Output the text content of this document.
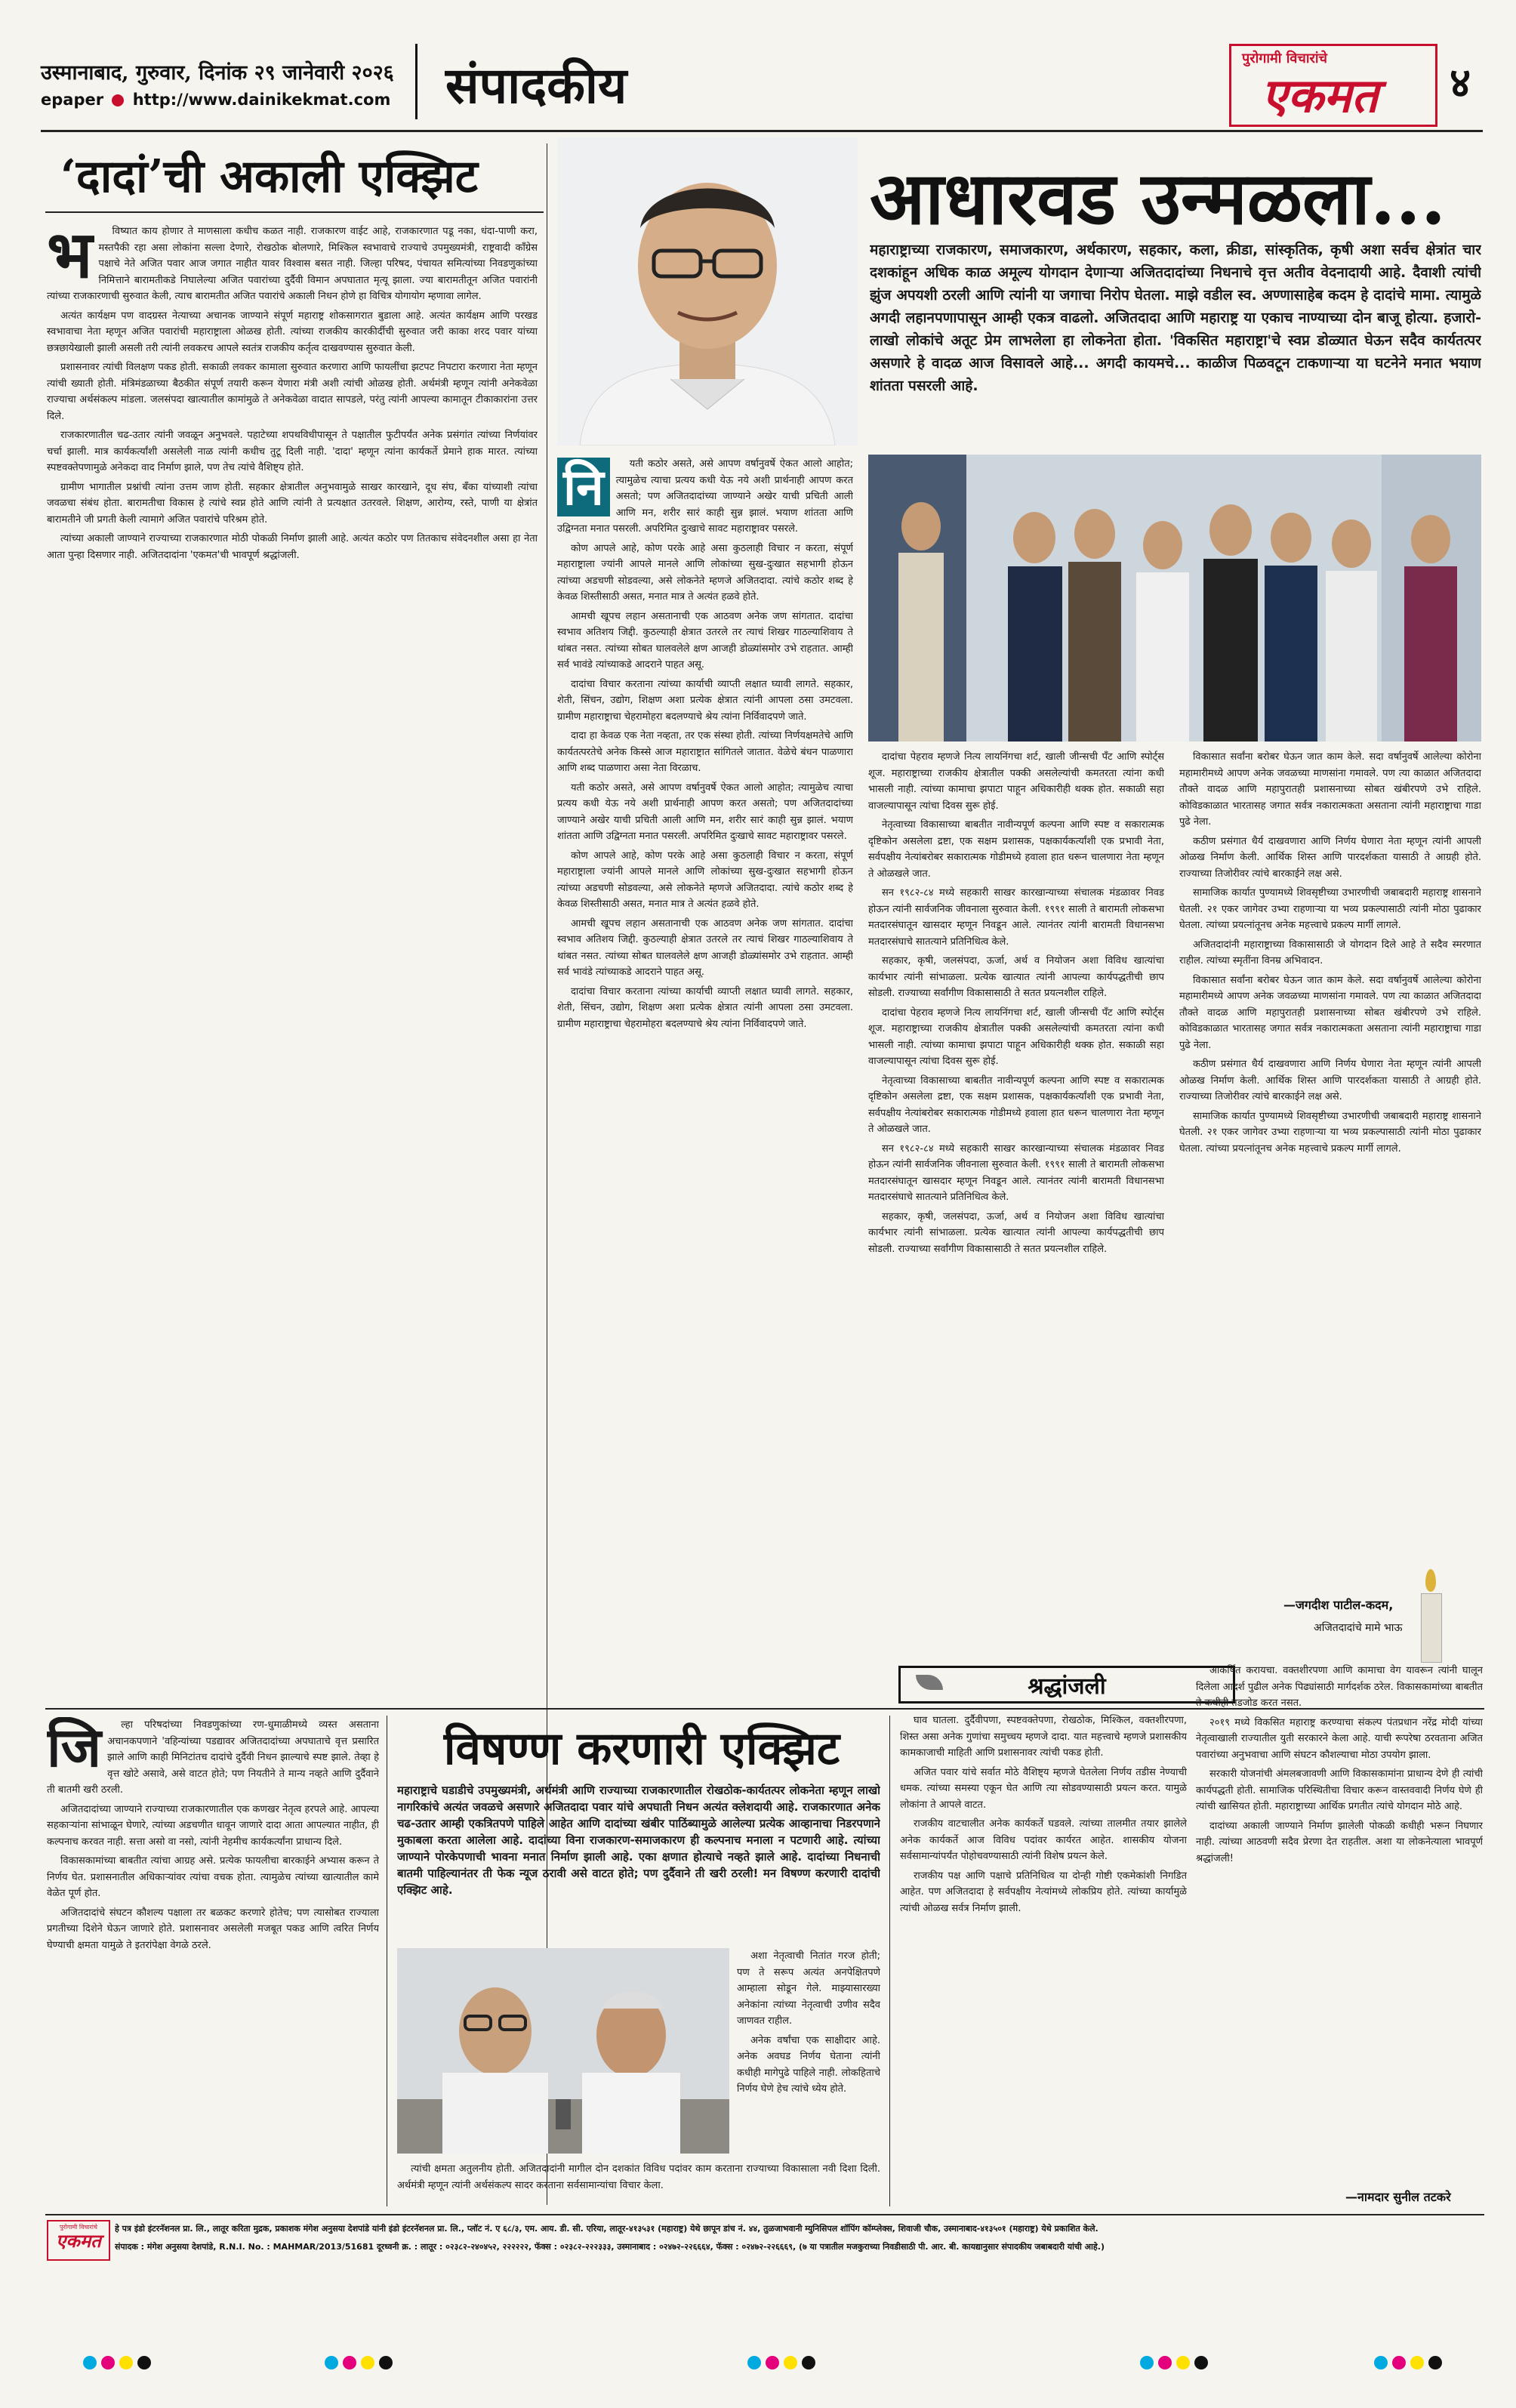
उस्मानाबाद, गुरुवार, दिनांक २९ जानेवारी २०२६
epaper http://www.dainikekmat.com संपादकीय	पुरोगामी विचारांचे
एकमत ४
‘दादां’ची अकाली एक्झिट
भ	विष्यात काय होणार ते माणसाला कधीच कळत नाही. राजकारण वाईट आहे, राजकारणात पडू नका, धंदा-पाणी करा, मस्तपैकी रहा असा लोकांना सल्ला देणारे, रोखठोक बोलणारे, मिश्किल स्वभावाचे राज्याचे उपमुख्यमंत्री, राष्ट्रवादी काँग्रेस पक्षाचे नेते अजित पवार आज जगात नाहीत यावर विश्वास बसत नाही. जिल्हा परिषद, पंचायत समित्यांच्या निवडणुकांच्या निमित्ताने बारामतीकडे निघालेल्या अजित पवारांच्या दुर्दैवी विमान अपघातात मृत्यू झाला. ज्या बारामतीतून अजित पवारांनी त्यांच्या राजकारणाची सुरुवात केली, त्याच बारामतीत अजित पवारांचे अकाली निधन होणे हा विचित्र योगायोग म्हणावा लागेल.

अत्यंत कार्यक्षम पण वादग्रस्त नेत्याच्या अचानक जाण्याने संपूर्ण महाराष्ट्र शोकसागरात बुडाला आहे. अत्यंत कार्यक्षम आणि परखड स्वभावाचा नेता म्हणून अजित पवारांची महाराष्ट्राला ओळख होती. त्यांच्या राजकीय कारकीर्दीची सुरुवात जरी काका शरद पवार यांच्या छत्रछायेखाली झाली असली तरी त्यांनी लवकरच आपले स्वतंत्र राजकीय कर्तृत्व दाखवण्यास सुरुवात केली.

प्रशासनावर त्यांची विलक्षण पकड होती. सकाळी लवकर कामाला सुरुवात करणारा आणि फायलींचा झटपट निपटारा करणारा नेता म्हणून त्यांची ख्याती होती. मंत्रिमंडळाच्या बैठकीत संपूर्ण तयारी करून येणारा मंत्री अशी त्यांची ओळख होती. अर्थमंत्री म्हणून त्यांनी अनेकवेळा राज्याचा अर्थसंकल्प मांडला. जलसंपदा खात्यातील कामांमुळे ते अनेकवेळा वादात सापडले, परंतु त्यांनी आपल्या कामातून टीकाकारांना उत्तर दिले.

राजकारणातील चढ-उतार त्यांनी जवळून अनुभवले. पहाटेच्या शपथविधीपासून ते पक्षातील फुटीपर्यंत अनेक प्रसंगांत त्यांच्या निर्णयांवर चर्चा झाली. मात्र कार्यकर्त्यांशी असलेली नाळ त्यांनी कधीच तुटू दिली नाही. 'दादा' म्हणून त्यांना कार्यकर्ते प्रेमाने हाक मारत. त्यांच्या स्पष्टवक्तेपणामुळे अनेकदा वाद निर्माण झाले, पण तेच त्यांचे वैशिष्ट्य होते.

ग्रामीण भागातील प्रश्नांची त्यांना उत्तम जाण होती. सहकार क्षेत्रातील अनुभवामुळे साखर कारखाने, दूध संघ, बँका यांच्याशी त्यांचा जवळचा संबंध होता. बारामतीचा विकास हे त्यांचे स्वप्न होते आणि त्यांनी ते प्रत्यक्षात उतरवले. शिक्षण, आरोग्य, रस्ते, पाणी या क्षेत्रांत बारामतीने जी प्रगती केली त्यामागे अजित पवारांचे परिश्रम होते.

त्यांच्या अकाली जाण्याने राज्याच्या राजकारणात मोठी पोकळी निर्माण झाली आहे. अत्यंत कठोर पण तितकाच संवेदनशील असा हा नेता आता पुन्हा दिसणार नाही. अजितदादांना 'एकमत'ची भावपूर्ण श्रद्धांजली.

आधारवड उन्मळला...
महाराष्ट्राच्या राजकारण, समाजकारण, अर्थकारण, सहकार, कला, क्रीडा, सांस्कृतिक, कृषी अशा सर्वच क्षेत्रांत चार दशकांहून अधिक काळ अमूल्य योगदान देणाऱ्या अजितदादांच्या निधनाचे वृत्त अतीव वेदनादायी आहे. दैवाशी त्यांची झुंज अपयशी ठरली आणि त्यांनी या जगाचा निरोप घेतला. माझे वडील स्व. अण्णासाहेब कदम हे दादांचे मामा. त्यामुळे अगदी लहानपणापासून आम्ही एकत्र वाढलो. अजितदादा आणि महाराष्ट्र या एकाच नाण्याच्या दोन बाजू होत्या. हजारो-लाखो लोकांचे अतूट प्रेम लाभलेला हा लोकनेता होता. 'विकसित महाराष्ट्रा'चे स्वप्न डोळ्यात घेऊन सदैव कार्यतत्पर असणारे हे वादळ आज विसावले आहे... अगदी कायमचे... काळीज पिळवटून टाकणाऱ्या या घटनेने मनात भयाण शांतता पसरली आहे.
नि	यती कठोर असते, असे आपण वर्षानुवर्षे ऐकत आलो आहोत; त्यामुळेच त्याचा प्रत्यय कधी येऊ नये अशी प्रार्थनाही आपण करत असतो; पण अजितदादांच्या जाण्याने अखेर याची प्रचिती आली आणि मन, शरीर सारं काही सुन्न झालं. भयाण शांतता आणि उद्विग्नता मनात पसरली. अपरिमित दुःखाचे सावट महाराष्ट्रावर पसरले.

कोण आपले आहे, कोण परके आहे असा कुठलाही विचार न करता, संपूर्ण महाराष्ट्राला ज्यांनी आपले मानले आणि लोकांच्या सुख-दुःखात सहभागी होऊन त्यांच्या अडचणी सोडवल्या, असे लोकनेते म्हणजे अजितदादा. त्यांचे कठोर शब्द हे केवळ शिस्तीसाठी असत, मनात मात्र ते अत्यंत हळवे होते.

आमची खूपच लहान असतानाची एक आठवण अनेक जण सांगतात. दादांचा स्वभाव अतिशय जिद्दी. कुठल्याही क्षेत्रात उतरले तर त्याचं शिखर गाठल्याशिवाय ते थांबत नसत. त्यांच्या सोबत घालवलेले क्षण आजही डोळ्यांसमोर उभे राहतात. आम्ही सर्व भावंडे त्यांच्याकडे आदराने पाहत असू.

दादांचा विचार करताना त्यांच्या कार्याची व्याप्ती लक्षात घ्यावी लागते. सहकार, शेती, सिंचन, उद्योग, शिक्षण अशा प्रत्येक क्षेत्रात त्यांनी आपला ठसा उमटवला. ग्रामीण महाराष्ट्राचा चेहरामोहरा बदलण्याचे श्रेय त्यांना निर्विवादपणे जाते.

दादा हा केवळ एक नेता नव्हता, तर एक संस्था होती. त्यांच्या निर्णयक्षमतेचे आणि कार्यतत्परतेचे अनेक किस्से आज महाराष्ट्रात सांगितले जातात. वेळेचे बंधन पाळणारा आणि शब्द पाळणारा असा नेता विरळाच.

यती कठोर असते, असे आपण वर्षानुवर्षे ऐकत आलो आहोत; त्यामुळेच त्याचा प्रत्यय कधी येऊ नये अशी प्रार्थनाही आपण करत असतो; पण अजितदादांच्या जाण्याने अखेर याची प्रचिती आली आणि मन, शरीर सारं काही सुन्न झालं. भयाण शांतता आणि उद्विग्नता मनात पसरली. अपरिमित दुःखाचे सावट महाराष्ट्रावर पसरले.

कोण आपले आहे, कोण परके आहे असा कुठलाही विचार न करता, संपूर्ण महाराष्ट्राला ज्यांनी आपले मानले आणि लोकांच्या सुख-दुःखात सहभागी होऊन त्यांच्या अडचणी सोडवल्या, असे लोकनेते म्हणजे अजितदादा. त्यांचे कठोर शब्द हे केवळ शिस्तीसाठी असत, मनात मात्र ते अत्यंत हळवे होते.

आमची खूपच लहान असतानाची एक आठवण अनेक जण सांगतात. दादांचा स्वभाव अतिशय जिद्दी. कुठल्याही क्षेत्रात उतरले तर त्याचं शिखर गाठल्याशिवाय ते थांबत नसत. त्यांच्या सोबत घालवलेले क्षण आजही डोळ्यांसमोर उभे राहतात. आम्ही सर्व भावंडे त्यांच्याकडे आदराने पाहत असू.

दादांचा विचार करताना त्यांच्या कार्याची व्याप्ती लक्षात घ्यावी लागते. सहकार, शेती, सिंचन, उद्योग, शिक्षण अशा प्रत्येक क्षेत्रात त्यांनी आपला ठसा उमटवला. ग्रामीण महाराष्ट्राचा चेहरामोहरा बदलण्याचे श्रेय त्यांना निर्विवादपणे जाते.

दादांचा पेहराव म्हणजे नित्य लायनिंगचा शर्ट, खाली जीन्सची पँट आणि स्पोर्ट्स शूज. महाराष्ट्राच्या राजकीय क्षेत्रातील पक्की असलेल्यांची कमतरता त्यांना कधी भासली नाही. त्यांच्या कामाचा झपाटा पाहून अधिकारीही थक्क होत. सकाळी सहा वाजल्यापासून त्यांचा दिवस सुरू होई.

नेतृत्वाच्या विकासाच्या बाबतीत नावीन्यपूर्ण कल्पना आणि स्पष्ट व सकारात्मक दृष्टिकोन असलेला द्रष्टा, एक सक्षम प्रशासक, पक्षकार्यकर्त्यांशी एक प्रभावी नेता, सर्वपक्षीय नेत्यांबरोबर सकारात्मक गोडीमध्ये हवाला हात धरून चालणारा नेता म्हणून ते ओळखले जात.

सन १९८२-८४ मध्ये सहकारी साखर कारखान्याच्या संचालक मंडळावर निवड होऊन त्यांनी सार्वजनिक जीवनाला सुरुवात केली. १९९१ साली ते बारामती लोकसभा मतदारसंघातून खासदार म्हणून निवडून आले. त्यानंतर त्यांनी बारामती विधानसभा मतदारसंघाचे सातत्याने प्रतिनिधित्व केले.

सहकार, कृषी, जलसंपदा, ऊर्जा, अर्थ व नियोजन अशा विविध खात्यांचा कार्यभार त्यांनी सांभाळला. प्रत्येक खात्यात त्यांनी आपल्या कार्यपद्धतीची छाप सोडली. राज्याच्या सर्वांगीण विकासासाठी ते सतत प्रयत्नशील राहिले.

दादांचा पेहराव म्हणजे नित्य लायनिंगचा शर्ट, खाली जीन्सची पँट आणि स्पोर्ट्स शूज. महाराष्ट्राच्या राजकीय क्षेत्रातील पक्की असलेल्यांची कमतरता त्यांना कधी भासली नाही. त्यांच्या कामाचा झपाटा पाहून अधिकारीही थक्क होत. सकाळी सहा वाजल्यापासून त्यांचा दिवस सुरू होई.

नेतृत्वाच्या विकासाच्या बाबतीत नावीन्यपूर्ण कल्पना आणि स्पष्ट व सकारात्मक दृष्टिकोन असलेला द्रष्टा, एक सक्षम प्रशासक, पक्षकार्यकर्त्यांशी एक प्रभावी नेता, सर्वपक्षीय नेत्यांबरोबर सकारात्मक गोडीमध्ये हवाला हात धरून चालणारा नेता म्हणून ते ओळखले जात.

सन १९८२-८४ मध्ये सहकारी साखर कारखान्याच्या संचालक मंडळावर निवड होऊन त्यांनी सार्वजनिक जीवनाला सुरुवात केली. १९९१ साली ते बारामती लोकसभा मतदारसंघातून खासदार म्हणून निवडून आले. त्यानंतर त्यांनी बारामती विधानसभा मतदारसंघाचे सातत्याने प्रतिनिधित्व केले.

सहकार, कृषी, जलसंपदा, ऊर्जा, अर्थ व नियोजन अशा विविध खात्यांचा कार्यभार त्यांनी सांभाळला. प्रत्येक खात्यात त्यांनी आपल्या कार्यपद्धतीची छाप सोडली. राज्याच्या सर्वांगीण विकासासाठी ते सतत प्रयत्नशील राहिले.

विकासात सर्वांना बरोबर घेऊन जात काम केले. सदा वर्षानुवर्षे आलेल्या कोरोना महामारीमध्ये आपण अनेक जवळच्या माणसांना गमावले. पण त्या काळात अजितदादा तौक्ते वादळ आणि महापुरातही प्रशासनाच्या सोबत खंबीरपणे उभे राहिले. कोविडकाळात भारतासह जगात सर्वत्र नकारात्मकता असताना त्यांनी महाराष्ट्राचा गाडा पुढे नेला.

कठीण प्रसंगात धैर्य दाखवणारा आणि निर्णय घेणारा नेता म्हणून त्यांनी आपली ओळख निर्माण केली. आर्थिक शिस्त आणि पारदर्शकता यासाठी ते आग्रही होते. राज्याच्या तिजोरीवर त्यांचे बारकाईने लक्ष असे.

सामाजिक कार्यात पुण्यामध्ये शिवसृष्टीच्या उभारणीची जबाबदारी महाराष्ट्र शासनाने घेतली. २१ एकर जागेवर उभ्या राहणाऱ्या या भव्य प्रकल्पासाठी त्यांनी मोठा पुढाकार घेतला. त्यांच्या प्रयत्नांतूनच अनेक महत्त्वाचे प्रकल्प मार्गी लागले.

अजितदादांनी महाराष्ट्राच्या विकासासाठी जे योगदान दिले आहे ते सदैव स्मरणात राहील. त्यांच्या स्मृतींना विनम्र अभिवादन.

विकासात सर्वांना बरोबर घेऊन जात काम केले. सदा वर्षानुवर्षे आलेल्या कोरोना महामारीमध्ये आपण अनेक जवळच्या माणसांना गमावले. पण त्या काळात अजितदादा तौक्ते वादळ आणि महापुरातही प्रशासनाच्या सोबत खंबीरपणे उभे राहिले. कोविडकाळात भारतासह जगात सर्वत्र नकारात्मकता असताना त्यांनी महाराष्ट्राचा गाडा पुढे नेला.

कठीण प्रसंगात धैर्य दाखवणारा आणि निर्णय घेणारा नेता म्हणून त्यांनी आपली ओळख निर्माण केली. आर्थिक शिस्त आणि पारदर्शकता यासाठी ते आग्रही होते. राज्याच्या तिजोरीवर त्यांचे बारकाईने लक्ष असे.

सामाजिक कार्यात पुण्यामध्ये शिवसृष्टीच्या उभारणीची जबाबदारी महाराष्ट्र शासनाने घेतली. २१ एकर जागेवर उभ्या राहणाऱ्या या भव्य प्रकल्पासाठी त्यांनी मोठा पुढाकार घेतला. त्यांच्या प्रयत्नांतूनच अनेक महत्त्वाचे प्रकल्प मार्गी लागले.

—जगदीश पाटील-कदम,
अजितदादांचे मामे भाऊ
श्रद्धांजली
जि	ल्हा परिषदांच्या निवडणुकांच्या रण-धुमाळीमध्ये व्यस्त असताना अचानकपणाने 'वहिन्यांच्या पडद्यावर अजितदादांच्या अपघाताचे वृत्त प्रसारित झाले आणि काही मिनिटांतच दादांचे दुर्दैवी निधन झाल्याचे स्पष्ट झाले. तेव्हा हे वृत्त खोटे असावे, असे वाटत होते; पण नियतीने ते मान्य नव्हते आणि दुर्दैवाने ती बातमी खरी ठरली.

अजितदादांच्या जाण्याने राज्याच्या राजकारणातील एक कणखर नेतृत्व हरपले आहे. आपल्या सहकाऱ्यांना सांभाळून घेणारे, त्यांच्या अडचणीत धावून जाणारे दादा आता आपल्यात नाहीत, ही कल्पनाच करवत नाही. सत्ता असो वा नसो, त्यांनी नेहमीच कार्यकर्त्यांना प्राधान्य दिले.

विकासकामांच्या बाबतीत त्यांचा आग्रह असे. प्रत्येक फायलीचा बारकाईने अभ्यास करून ते निर्णय घेत. प्रशासनातील अधिकाऱ्यांवर त्यांचा वचक होता. त्यामुळेच त्यांच्या खात्यातील कामे वेळेत पूर्ण होत.

अजितदादांचे संघटन कौशल्य पक्षाला तर बळकट करणारे होतेच; पण त्यासोबत राज्याला प्रगतीच्या दिशेने घेऊन जाणारे होते. प्रशासनावर असलेली मजबूत पकड आणि त्वरित निर्णय घेण्याची क्षमता यामुळे ते इतरांपेक्षा वेगळे ठरले.

विषण्ण करणारी एक्झिट
महाराष्ट्राचे घडाडीचे उपमुख्यमंत्री, अर्थमंत्री आणि राज्याच्या राजकारणातील रोखठोक-कार्यतत्पर लोकनेता म्हणून लाखो नागरिकांचे अत्यंत जवळचे असणारे अजितदादा पवार यांचे अपघाती निधन अत्यंत क्लेशदायी आहे. राजकारणात अनेक चढ-उतार आम्ही एकत्रितपणे पाहिले आहेत आणि दादांच्या खंबीर पाठिंब्यामुळे आलेल्या प्रत्येक आव्हानाचा निडरपणाने मुकाबला करता आलेला आहे. दादांच्या विना राजकारण-समाजकारण ही कल्पनाच मनाला न पटणारी आहे. त्यांच्या जाण्याने पोरकेपणाची भावना मनात निर्माण झाली आहे. एका क्षणात होत्याचे नव्हते झाले आहे. दादांच्या निधनाची बातमी पाहिल्यानंतर ती फेक न्यूज ठरावी असे वाटत होते; पण दुर्दैवाने ती खरी ठरली! मन विषण्ण करणारी दादांची एक्झिट आहे.

अशा नेतृत्वाची नितांत गरज होती; पण ते सरूप अत्यंत अनपेक्षितपणे आम्हाला सोडून गेले. माझ्यासारख्या अनेकांना त्यांच्या नेतृत्वाची उणीव सदैव जाणवत राहील.

अनेक वर्षांचा एक साक्षीदार आहे. अनेक अवघड निर्णय घेताना त्यांनी कधीही मागेपुढे पाहिले नाही. लोकहिताचे निर्णय घेणे हेच त्यांचे ध्येय होते.

त्यांची क्षमता अतुलनीय होती. अजितदादांनी मागील दोन दशकांत विविध पदांवर काम करताना राज्याच्या विकासाला नवी दिशा दिली. अर्थमंत्री म्हणून त्यांनी अर्थसंकल्प सादर करताना सर्वसामान्यांचा विचार केला.

घाव घातला. दुर्दैवीपणा, स्पष्टवक्तेपणा, रोखठोक, मिश्किल, वक्तशीरपणा, शिस्त असा अनेक गुणांचा समुच्चय म्हणजे दादा. यात महत्त्वाचे म्हणजे प्रशासकीय कामकाजाची माहिती आणि प्रशासनावर त्यांची पकड होती.

अजित पवार यांचे सर्वात मोठे वैशिष्ट्य म्हणजे घेतलेला निर्णय तडीस नेण्याची धमक. त्यांच्या समस्या एकून घेत आणि त्या सोडवण्यासाठी प्रयत्न करत. यामुळे लोकांना ते आपले वाटत.

राजकीय वाटचालीत अनेक कार्यकर्ते घडवले. त्यांच्या तालमीत तयार झालेले अनेक कार्यकर्ते आज विविध पदांवर कार्यरत आहेत. शासकीय योजना सर्वसामान्यांपर्यंत पोहोचवण्यासाठी त्यांनी विशेष प्रयत्न केले.

राजकीय पक्ष आणि पक्षाचे प्रतिनिधित्व या दोन्ही गोष्टी एकमेकांशी निगडित आहेत. पण अजितदादा हे सर्वपक्षीय नेत्यांमध्ये लोकप्रिय होते. त्यांच्या कार्यामुळे त्यांची ओळख सर्वत्र निर्माण झाली.

आकर्षित करायचा. वक्तशीरपणा आणि कामाचा वेग यावरून त्यांनी घालून दिलेला आदर्श पुढील अनेक पिढ्यांसाठी मार्गदर्शक ठरेल. विकासकामांच्या बाबतीत ते कधीही तडजोड करत नसत.

२०१९ मध्ये विकसित महाराष्ट्र करण्याचा संकल्प पंतप्रधान नरेंद्र मोदी यांच्या नेतृत्वाखाली राज्यातील युती सरकारने केला आहे. याची रूपरेषा ठरवताना अजित पवारांच्या अनुभवाचा आणि संघटन कौशल्याचा मोठा उपयोग झाला.

सरकारी योजनांची अंमलबजावणी आणि विकासकामांना प्राधान्य देणे ही त्यांची कार्यपद्धती होती. सामाजिक परिस्थितीचा विचार करून वास्तववादी निर्णय घेणे ही त्यांची खासियत होती. महाराष्ट्राच्या आर्थिक प्रगतीत त्यांचे योगदान मोठे आहे.

दादांच्या अकाली जाण्याने निर्माण झालेली पोकळी कधीही भरून निघणार नाही. त्यांच्या आठवणी सदैव प्रेरणा देत राहतील. अशा या लोकनेत्याला भावपूर्ण श्रद्धांजली!

—नामदार सुनील तटकरे
पुरोगामी विचारांचे
एकमत
हे पत्र इंडो इंटरनॅशनल प्रा. लि., लातूर करिता मुद्रक, प्रकाशक मंगेश अनुसया देशपांडे यांनी इंडो इंटरनॅशनल प्रा. लि., प्लॉट नं. ए ६८/३, एम. आय. डी. सी. एरिया, लातूर-४१३५३१ (महाराष्ट्र) येथे छापून डांच नं. ४४, तुळजाभवानी म्युनिसिपल शॉपिंग कॉम्प्लेक्स, शिवाजी चौक, उस्मानाबाद-४१३५०१ (महाराष्ट्र) येथे प्रकाशित केले.
संपादक : मंगेश अनुसया देशपांडे, R.N.I. No. : MAHMAR/2013/51681 दूरध्वनी क्र. : लातूर : ०२३८२-२४०४५२, २२२२२२, फॅक्स : ०२३८२-२२२३३३, उस्मानाबाद : ०२४७२-२२६६६४, फॅक्स : ०२४७२-२२६६६९, (७ या पत्रातील मजकुराच्या निवडीसाठी पी. आर. बी. कायद्यानुसार संपादकीय जबाबदारी यांची आहे.)
